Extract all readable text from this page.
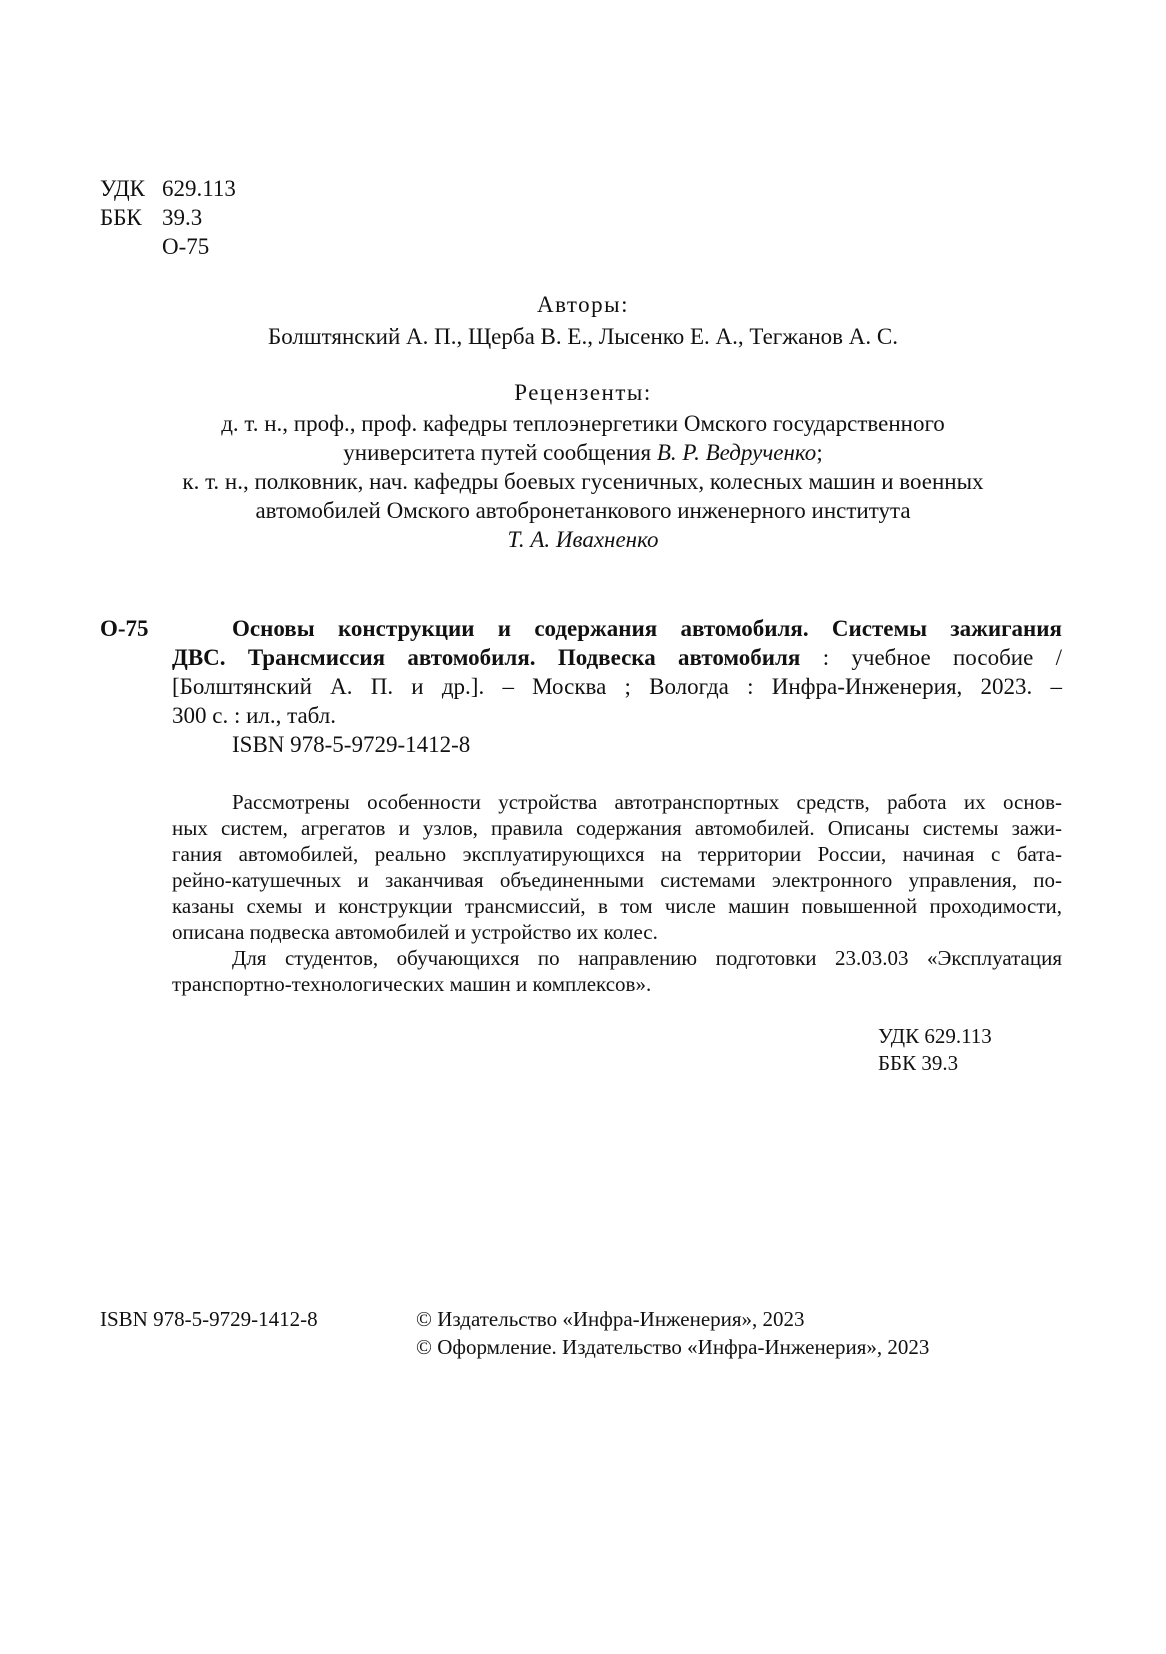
УДК 629.113
ББК 39.3
О-75
Авторы:
Болштянский А. П., Щерба В. Е., Лысенко Е. А., Тегжанов А. С.
Рецензенты:
д. т. н., проф., проф. кафедры теплоэнергетики Омского государственного
университета путей сообщения В. Р. Ведрученко;
к. т. н., полковник, нач. кафедры боевых гусеничных, колесных машин и военных
автомобилей Омского автобронетанкового инженерного института
Т. А. Ивахненко
О-75	Основы конструкции и содержания автомобиля. Системы зажигания
ДВС. Трансмиссия автомобиля. Подвеска автомобиля : учебное пособие /
[Болштянский А. П. и др.]. – Москва ; Вологда : Инфра-Инженерия, 2023. –
300 с. : ил., табл.
ISBN 978-5-9729-1412-8
Рассмотрены особенности устройства автотранспортных средств, работа их основ-
ных систем, агрегатов и узлов, правила содержания автомобилей. Описаны системы зажи-
гания автомобилей, реально эксплуатирующихся на территории России, начиная с бата-
рейно-катушечных и заканчивая объединенными системами электронного управления, по-
казаны схемы и конструкции трансмиссий, в том числе машин повышенной проходимости,
описана подвеска автомобилей и устройство их колес.
Для студентов, обучающихся по направлению подготовки 23.03.03 «Эксплуатация
транспортно-технологических машин и комплексов».
УДК 629.113
ББК 39.3
ISBN 978-5-9729-1412-8	© Издательство «Инфра-Инженерия», 2023
© Оформление. Издательство «Инфра-Инженерия», 2023
